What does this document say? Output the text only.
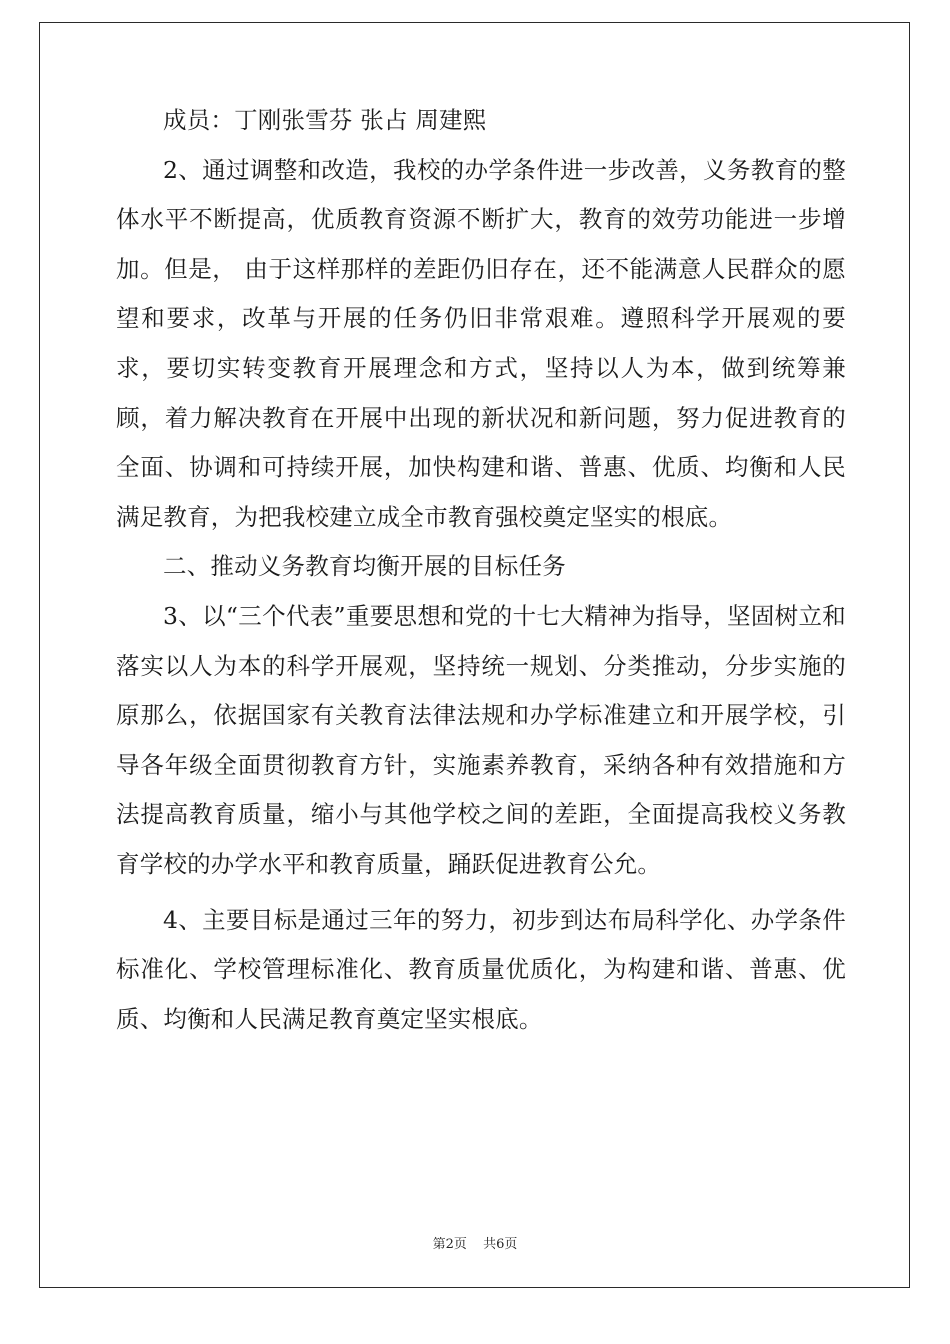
成员：丁刚张雪芬 张占 周建熙

2、通过调整和改造，我校的办学条件进一步改善，义务教育的整体水平不断提高，优质教育资源不断扩大，教育的效劳功能进一步增加。但是， 由于这样那样的差距仍旧存在，还不能满意人民群众的愿望和要求，改革与开展的任务仍旧非常艰难。遵照科学开展观的要求，要切实转变教育开展理念和方式，坚持以人为本，做到统筹兼顾，着力解决教育在开展中出现的新状况和新问题，努力促进教育的全面、协调和可持续开展，加快构建和谐、普惠、优质、均衡和人民满足教育，为把我校建立成全市教育强校奠定坚实的根底。

二、推动义务教育均衡开展的目标任务

3、以“三个代表”重要思想和党的十七大精神为指导，坚固树立和落实以人为本的科学开展观，坚持统一规划、分类推动，分步实施的原那么，依据国家有关教育法律法规和办学标准建立和开展学校，引导各年级全面贯彻教育方针，实施素养教育，采纳各种有效措施和方法提高教育质量，缩小与其他学校之间的差距，全面提高我校义务教育学校的办学水平和教育质量，踊跃促进教育公允。

4、主要目标是通过三年的努力，初步到达布局科学化、办学条件标准化、学校管理标准化、教育质量优质化，为构建和谐、普惠、优质、均衡和人民满足教育奠定坚实根底。

第2页 共6页
